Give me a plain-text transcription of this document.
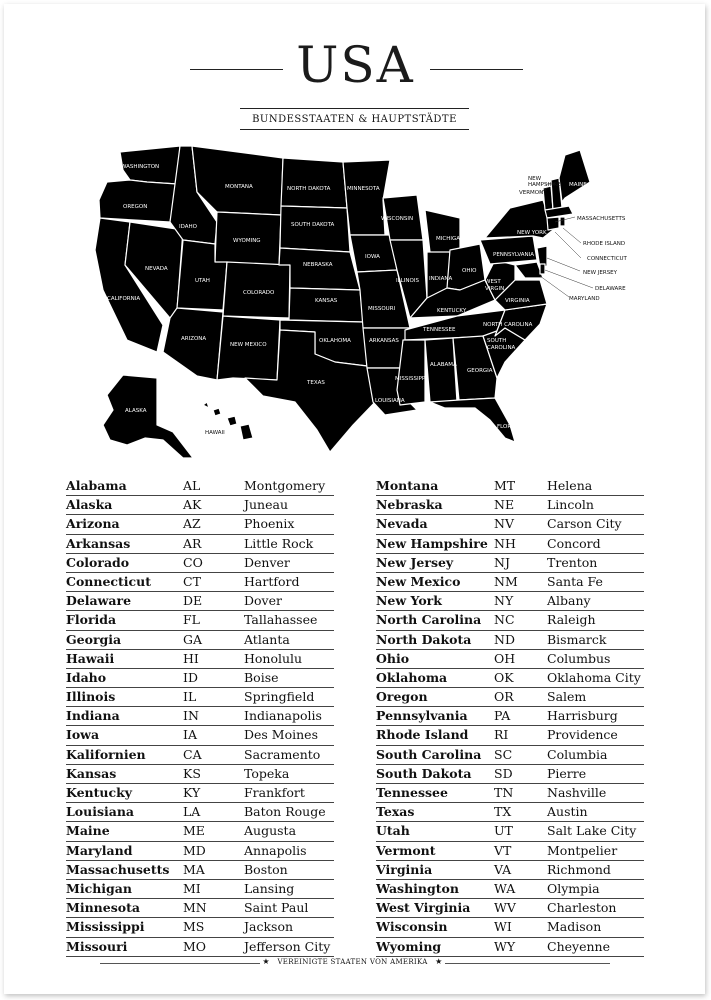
USA
BUNDESSTAATEN & HAUPTSTÄDTE
WASHINGTON
OREGON
CALIFORNIA
NEVADA
IDAHO
MONTANA
WYOMING
UTAH
COLORADO
ARIZONA
NEW MEXICO
NORTH DAKOTA
SOUTH DAKOTA
NEBRASKA
KANSAS
OKLAHOMA
TEXAS
MINNESOTA
IOWA
MISSOURI
ARKANSAS
LOUISIANA
WISCONSIN
ILLINOIS
MISSISSIPPI
MICHIGAN
INDIANA
OHIO
KENTUCKY
TENNESSEE
ALABAMA
GEORGIA
FLORIDA
SOUTH
CAROLINA
NORTH CAROLINA
VIRGINIA
WEST
VIRGIN.
PENNSYLVANIA
NEW YORK
MAINE
NEW
HAMPSHIRE
VERMONT
MASSACHUSETTS
RHODE ISLAND
CONNECTICUT
NEW JERSEY
DELAWARE
MARYLAND
HAWAII
ALASKA
Alabama	AL	Montgomery
Alaska	AK	Juneau
Arizona	AZ	Phoenix
Arkansas	AR	Little Rock
Colorado	CO	Denver
Connecticut	CT	Hartford
Delaware	DE	Dover
Florida	FL	Tallahassee
Georgia	GA	Atlanta
Hawaii	HI	Honolulu
Idaho	ID	Boise
Illinois	IL	Springfield
Indiana	IN	Indianapolis
Iowa	IA	Des Moines
Kalifornien	CA	Sacramento
Kansas	KS	Topeka
Kentucky	KY	Frankfort
Louisiana	LA	Baton Rouge
Maine	ME	Augusta
Maryland	MD	Annapolis
Massachusetts MA	Boston
Michigan	MI	Lansing
Minnesota	MN	Saint Paul
Mississippi	MS	Jackson
Missouri	MO	Jefferson City
Montana	MT	Helena
Nebraska	NE	Lincoln
Nevada	NV	Carson City
New Hampshire NH Concord
New Jersey	NJ	Trenton
New Mexico	NM Santa Fe
New York	NY	Albany
North Carolina NC	Raleigh
North Dakota ND	Bismarck
Ohio	OH	Columbus
Oklahoma	OK	Oklahoma City
Oregon	OR	Salem
Pennsylvania PA	Harrisburg
Rhode Island RI	Providence
South Carolina SC	Columbia
South Dakota SD	Pierre
Tennessee	TN	Nashville
Texas	TX	Austin
Utah	UT	Salt Lake City
Vermont	VT	Montpelier
Virginia	VA	Richmond
Washington	WA	Olympia
West Virginia WV Charleston
Wisconsin	WI	Madison
Wyoming	WY	Cheyenne
★ VEREINIGTE STAATEN VON AMERIKA ★
